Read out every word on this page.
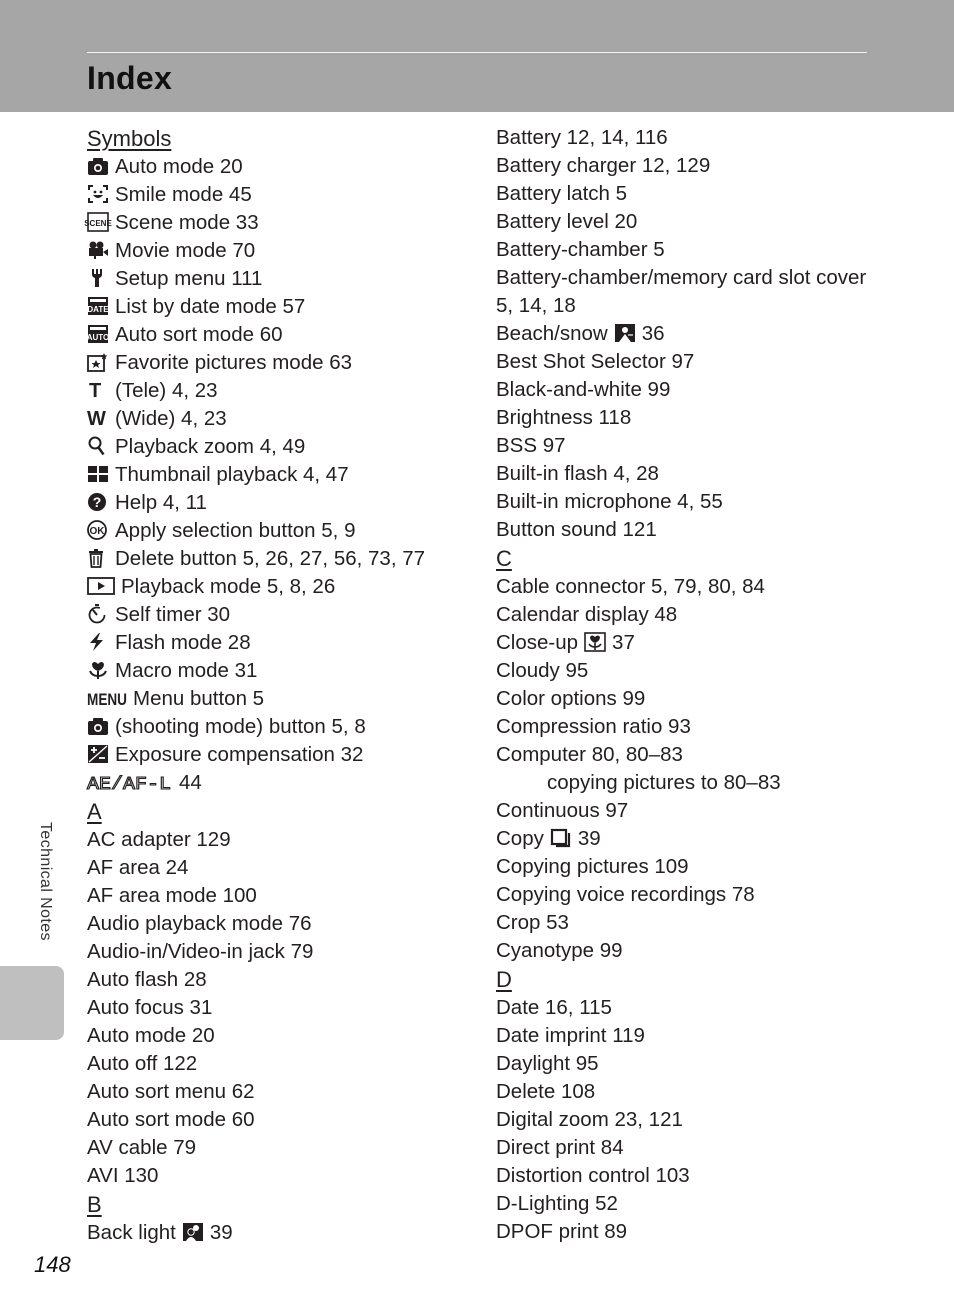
Index
Symbols
Auto mode 20
Smile mode 45
SCENE Scene mode 33
Movie mode 70
Setup menu 111
DATE List by date mode 57
AUTO Auto sort mode 60
Favorite pictures mode 63
T (Tele) 4, 23
W (Wide) 4, 23
Playback zoom 4, 49
Thumbnail playback 4, 47
? Help 4, 11
OK Apply selection button 5, 9
Delete button 5, 26, 27, 56, 73, 77
Playback mode 5, 8, 26
Self timer 30
Flash mode 28
Macro mode 31
MENU Menu button 5
(shooting mode) button 5, 8
Exposure compensation 32
AE/AF-L 44
A
AC adapter 129
AF area 24
AF area mode 100
Audio playback mode 76
Audio-in/Video-in jack 79
Auto flash 28
Auto focus 31
Auto mode 20
Auto off 122
Auto sort menu 62
Auto sort mode 60
AV cable 79
AVI 130
B
Back light 39
Battery 12, 14, 116
Battery charger 12, 129
Battery latch 5
Battery level 20
Battery-chamber 5
Battery-chamber/memory card slot cover
5, 14, 18
Beach/snow 36
Best Shot Selector 97
Black-and-white 99
Brightness 118
BSS 97
Built-in flash 4, 28
Built-in microphone 4, 55
Button sound 121
C
Cable connector 5, 79, 80, 84
Calendar display 48
Close-up 37
Cloudy 95
Color options 99
Compression ratio 93
Computer 80, 80–83
copying pictures to 80–83
Continuous 97
Copy 39
Copying pictures 109
Copying voice recordings 78
Crop 53
Cyanotype 99
D
Date 16, 115
Date imprint 119
Daylight 95
Delete 108
Digital zoom 23, 121
Direct print 84
Distortion control 103
D-Lighting 52
DPOF print 89
Technical Notes
148
